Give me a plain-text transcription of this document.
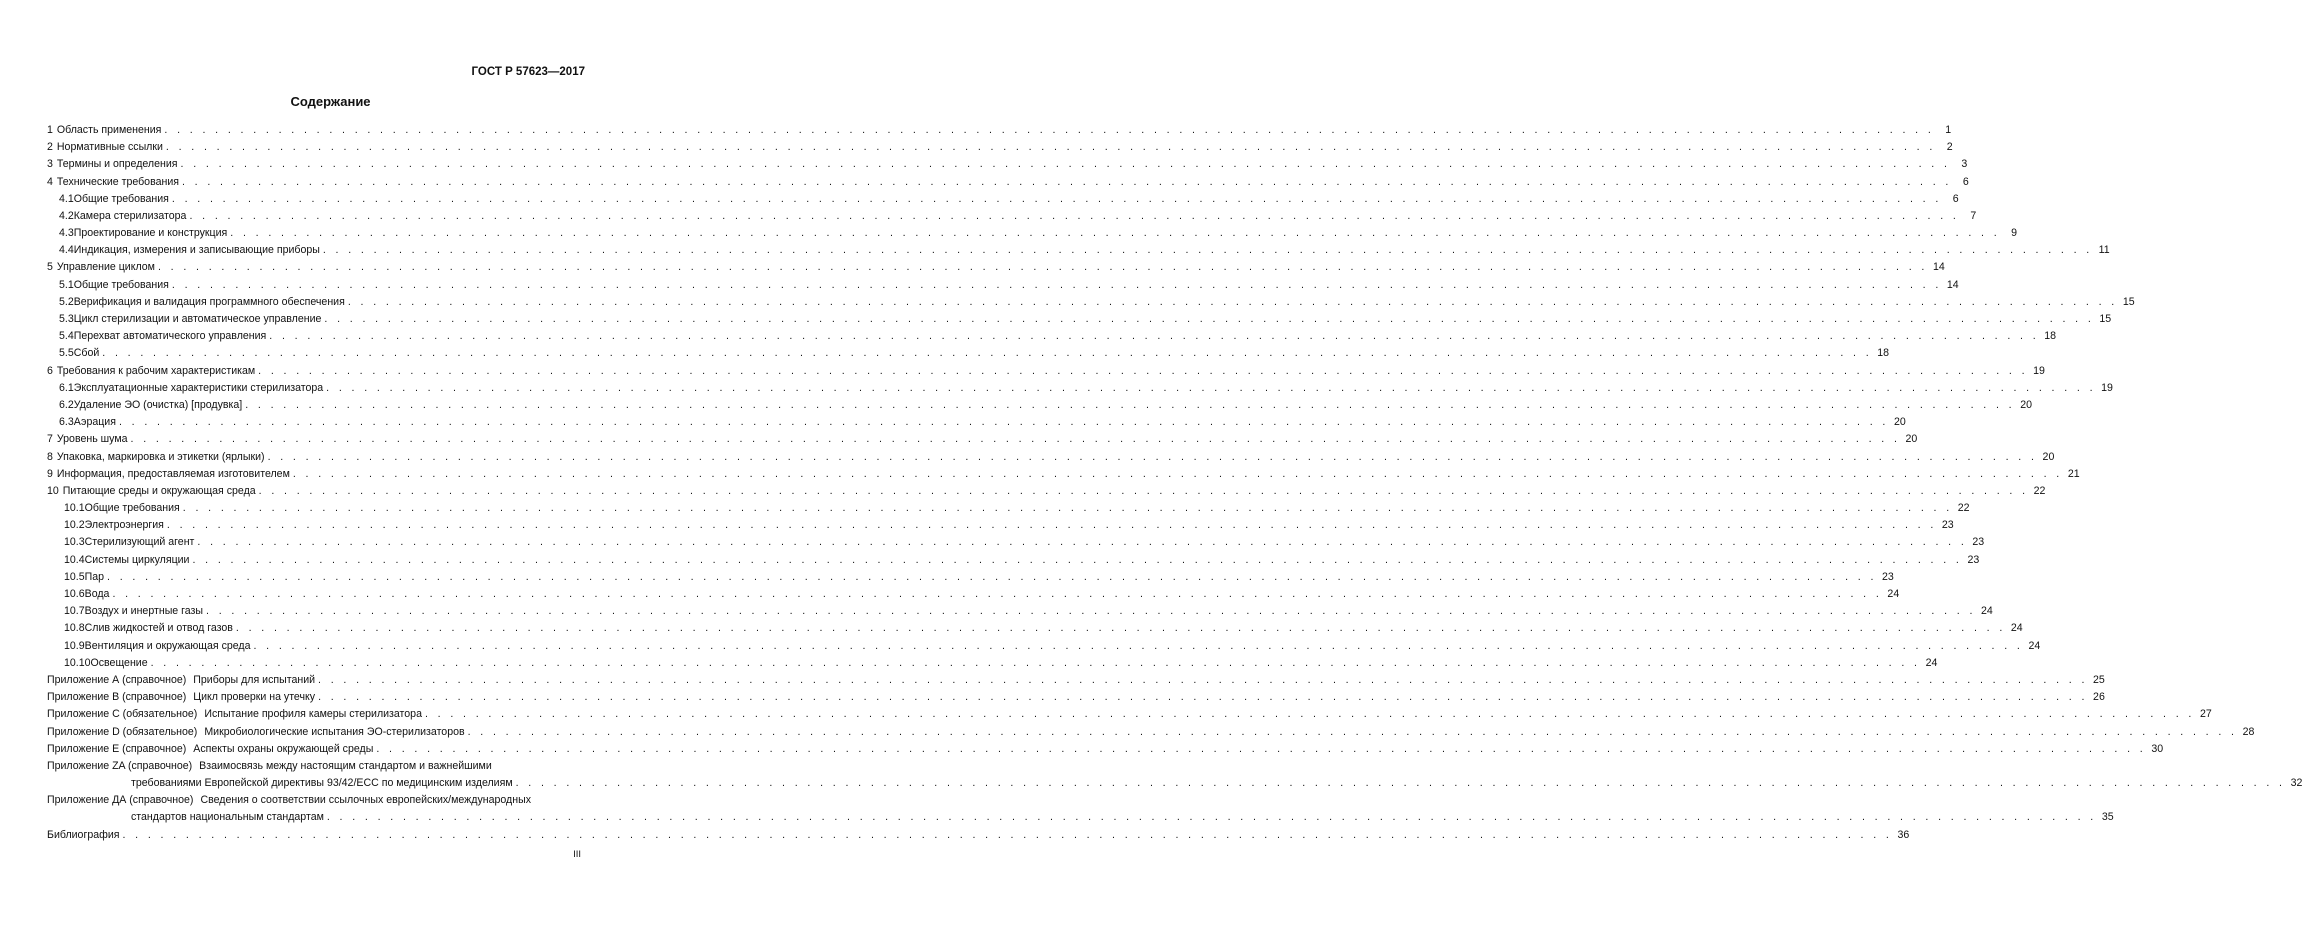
ГОСТ Р 57623—2017
Содержание
1 Область применения . . .	1
2 Нормативные ссылки . . .	2
3 Термины и определения . . .	3
4 Технические требования . . .	6
4.1 Общие требования . . .	6
4.2 Камера стерилизатора . . .	7
4.3 Проектирование и конструкция . . .	9
4.4 Индикация, измерения и записывающие приборы . . .	11
5 Управление циклом . . .	14
5.1 Общие требования . . .	14
5.2 Верификация и валидация программного обеспечения . . .	15
5.3 Цикл стерилизации и автоматическое управление . . .	15
5.4 Перехват автоматического управления . . .	18
5.5 Сбой . . .	18
6 Требования к рабочим характеристикам . . .	19
6.1 Эксплуатационные характеристики стерилизатора . . .	19
6.2 Удаление ЭО (очистка) [продувка] . . .	20
6.3 Аэрация . . .	20
7 Уровень шума . . .	20
8 Упаковка, маркировка и этикетки (ярлыки) . . .	20
9 Информация, предоставляемая изготовителем . . .	21
10 Питающие среды и окружающая среда . . .	22
10.1 Общие требования . . .	22
10.2 Электроэнергия . . .	23
10.3 Стерилизующий агент . . .	23
10.4 Системы циркуляции . . .	23
10.5 Пар . . .	23
10.6 Вода . . .	24
10.7 Воздух и инертные газы . . .	24
10.8 Слив жидкостей и отвод газов . . .	24
10.9 Вентиляция и окружающая среда . . .	24
10.10 Освещение . . .	24
Приложение А (справочное) Приборы для испытаний . . .	25
Приложение В (справочное) Цикл проверки на утечку . . .	26
Приложение С (обязательное) Испытание профиля камеры стерилизатора . . .	27
Приложение D (обязательное) Микробиологические испытания ЭО-стерилизаторов . . .	28
Приложение Е (справочное) Аспекты охраны окружающей среды . . .	30
Приложение ZA (справочное) Взаимосвязь между настоящим стандартом и важнейшими
требованиями Европейской директивы 93/42/ЕСС по медицинским изделиям . . .	32
Приложение ДА (справочное) Сведения о соответствии ссылочных европейских/международных
стандартов национальным стандартам . . .	35
Библиография . . .	36
III
